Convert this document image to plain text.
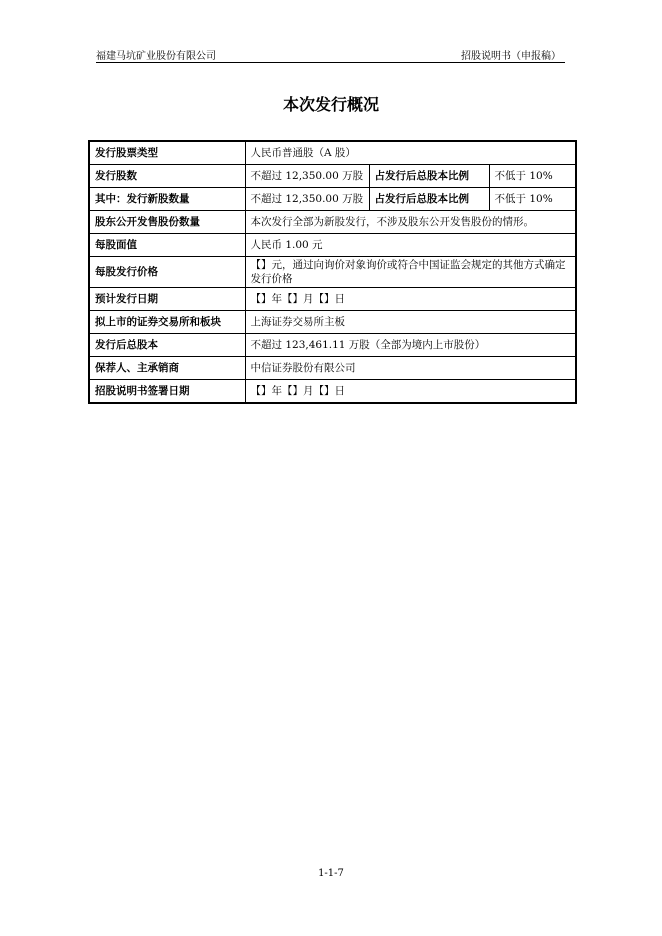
福建马坑矿业股份有限公司	招股说明书（申报稿）
本次发行概况
发行股票类型	人民币普通股（A 股）		
发行股数	不超过 12,350.00 万股	占发行后总股本比例	不低于 10%
其中：发行新股数量	不超过 12,350.00 万股	占发行后总股本比例	不低于 10%
股东公开发售股份数量	本次发行全部为新股发行，不涉及股东公开发售股份的情形。		
每股面值	人民币 1.00 元		
每股发行价格	【】元，通过向询价对象询价或符合中国证监会规定的其他方式确定发行价格		
预计发行日期	【】年【】月【】日		
拟上市的证券交易所和板块	上海证券交易所主板		
发行后总股本	不超过 123,461.11 万股（全部为境内上市股份）		
保荐人、主承销商	中信证券股份有限公司		
招股说明书签署日期	【】年【】月【】日		
1-1-7
